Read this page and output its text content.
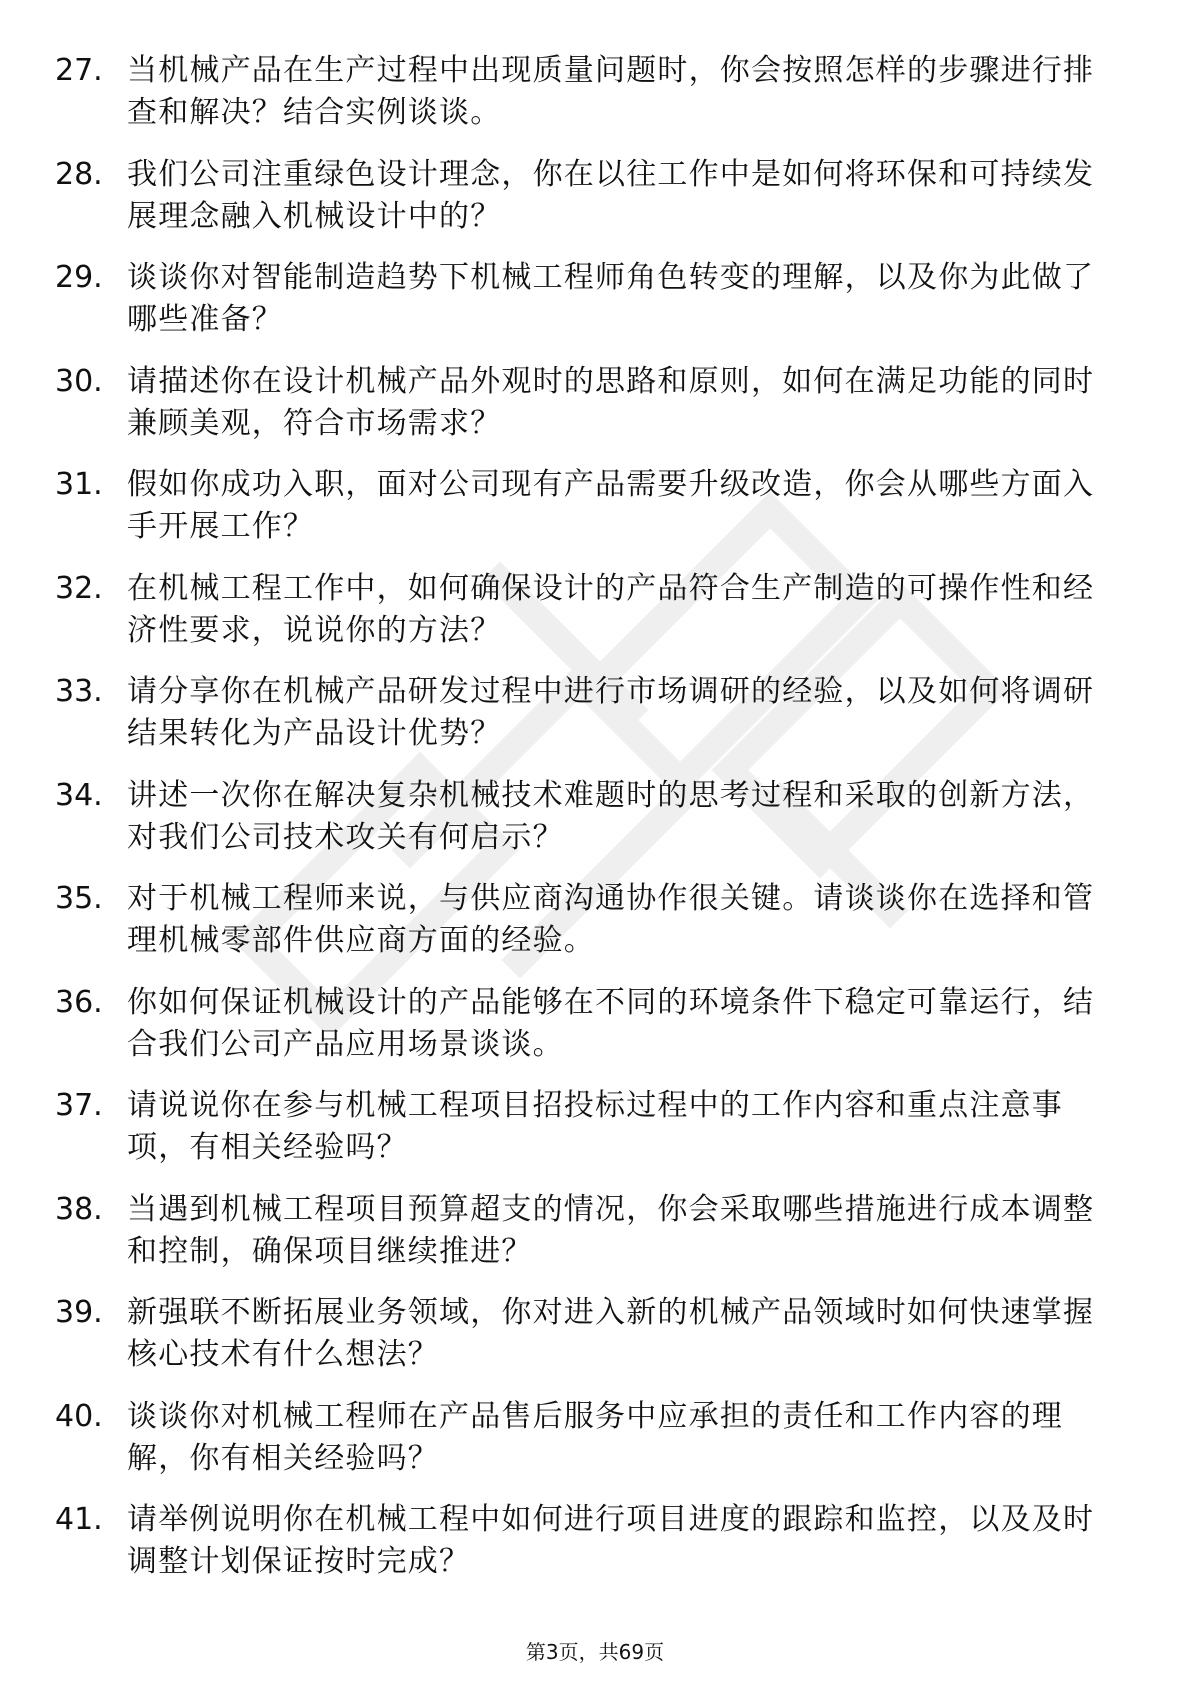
27. 当机械产品在生产过程中出现质量问题时，你会按照怎样的步骤进行排查和解决？结合实例谈谈。
28. 我们公司注重绿色设计理念，你在以往工作中是如何将环保和可持续发展理念融入机械设计中的？
29. 谈谈你对智能制造趋势下机械工程师角色转变的理解，以及你为此做了哪些准备？
30. 请描述你在设计机械产品外观时的思路和原则，如何在满足功能的同时兼顾美观，符合市场需求？
31. 假如你成功入职，面对公司现有产品需要升级改造，你会从哪些方面入手开展工作？
32. 在机械工程工作中，如何确保设计的产品符合生产制造的可操作性和经济性要求，说说你的方法？
33. 请分享你在机械产品研发过程中进行市场调研的经验，以及如何将调研结果转化为产品设计优势？
34. 讲述一次你在解决复杂机械技术难题时的思考过程和采取的创新方法，对我们公司技术攻关有何启示？
35. 对于机械工程师来说，与供应商沟通协作很关键。请谈谈你在选择和管理机械零部件供应商方面的经验。
36. 你如何保证机械设计的产品能够在不同的环境条件下稳定可靠运行，结合我们公司产品应用场景谈谈。
37. 请说说你在参与机械工程项目招投标过程中的工作内容和重点注意事项，有相关经验吗？
38. 当遇到机械工程项目预算超支的情况，你会采取哪些措施进行成本调整和控制，确保项目继续推进？
39. 新强联不断拓展业务领域，你对进入新的机械产品领域时如何快速掌握核心技术有什么想法？
40. 谈谈你对机械工程师在产品售后服务中应承担的责任和工作内容的理解，你有相关经验吗？
41. 请举例说明你在机械工程中如何进行项目进度的跟踪和监控，以及及时调整计划保证按时完成？
第3页，共69页
